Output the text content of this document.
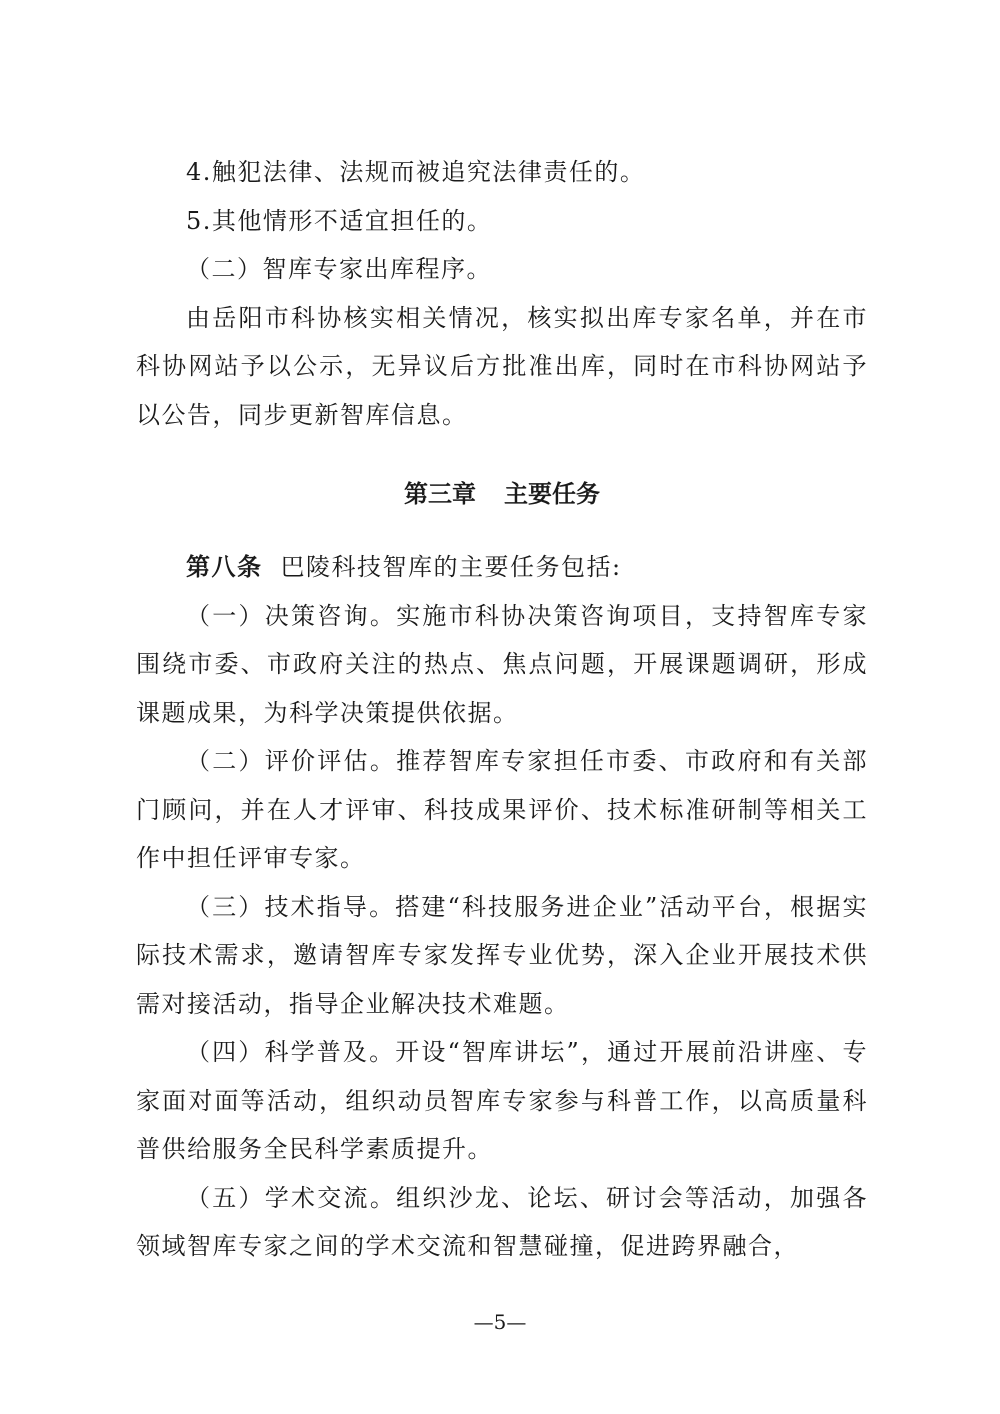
4.触犯法律、法规而被追究法律责任的。

5.其他情形不适宜担任的。

（二）智库专家出库程序。

由岳阳市科协核实相关情况，核实拟出库专家名单，并在市科协网站予以公示，无异议后方批准出库，同时在市科协网站予以公告，同步更新智库信息。

第三章 主要任务

第八条 巴陵科技智库的主要任务包括:

（一）决策咨询。实施市科协决策咨询项目，支持智库专家围绕市委、市政府关注的热点、焦点问题，开展课题调研，形成课题成果，为科学决策提供依据。

（二）评价评估。推荐智库专家担任市委、市政府和有关部门顾问，并在人才评审、科技成果评价、技术标准研制等相关工作中担任评审专家。

（三）技术指导。搭建“科技服务进企业”活动平台，根据实际技术需求，邀请智库专家发挥专业优势，深入企业开展技术供需对接活动，指导企业解决技术难题。

（四）科学普及。开设“智库讲坛”，通过开展前沿讲座、专家面对面等活动，组织动员智库专家参与科普工作，以高质量科普供给服务全民科学素质提升。

（五）学术交流。组织沙龙、论坛、研讨会等活动，加强各领域智库专家之间的学术交流和智慧碰撞，促进跨界融合，

—5—
